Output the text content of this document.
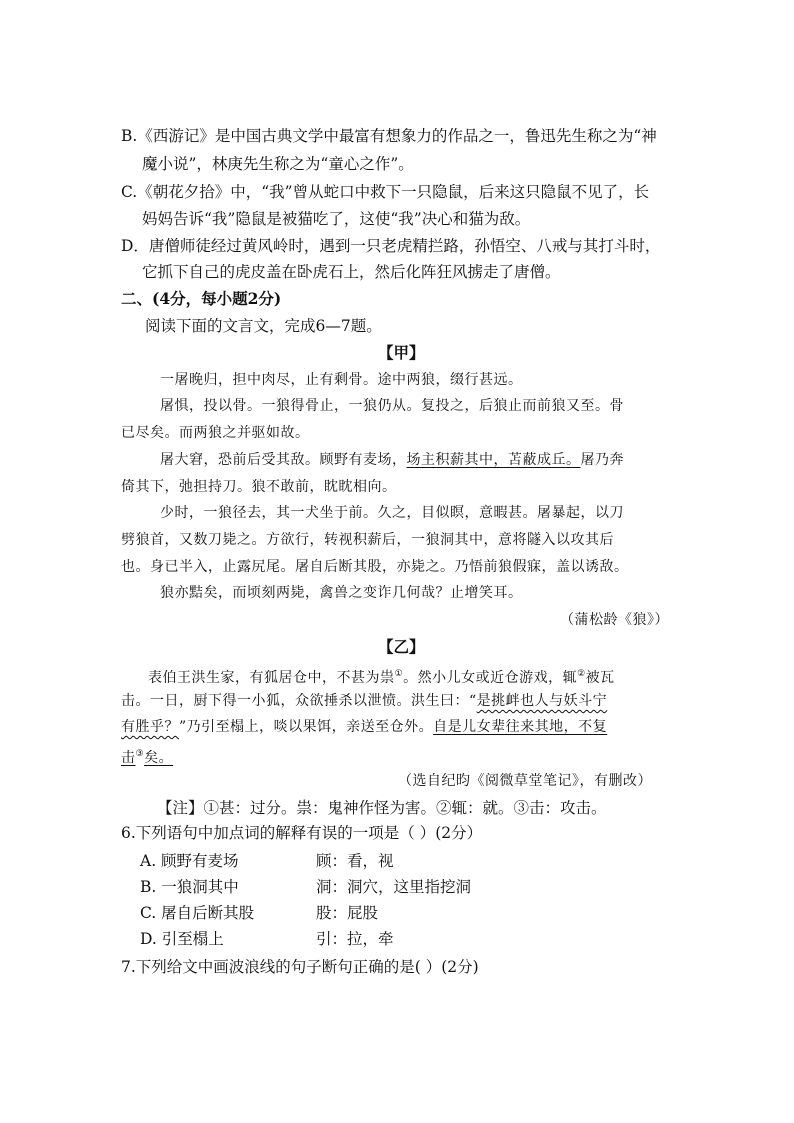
B.《西游记》是中国古典文学中最富有想象力的作品之一，鲁迅先生称之为“神
魔小说”，林庚先生称之为“童心之作”。
C.《朝花夕拾》中，“我”曾从蛇口中救下一只隐鼠，后来这只隐鼠不见了，长
妈妈告诉“我”隐鼠是被猫吃了，这使“我”决心和猫为敌。
D．唐僧师徒经过黄风岭时，遇到一只老虎精拦路，孙悟空、八戒与其打斗时，
它抓下自己的虎皮盖在卧虎石上，然后化阵狂风掳走了唐僧。
二、(4分，每小题2分)
阅读下面的文言文，完成6—7题。
【甲】
一屠晚归，担中肉尽，止有剩骨。途中两狼，缀行甚远。
屠惧，投以骨。一狼得骨止，一狼仍从。复投之，后狼止而前狼又至。骨
已尽矣。而两狼之并驱如故。
屠大窘，恐前后受其敌。顾野有麦场，场主积薪其中，苫蔽成丘。屠乃奔
倚其下，弛担持刀。狼不敢前，眈眈相向。
少时，一狼径去，其一犬坐于前。久之，目似瞑，意暇甚。屠暴起，以刀
劈狼首，又数刀毙之。方欲行，转视积薪后，一狼洞其中，意将隧入以攻其后
也。身已半入，止露尻尾。屠自后断其股，亦毙之。乃悟前狼假寐，盖以诱敌。
狼亦黠矣，而顷刻两毙，禽兽之变诈几何哉？止增笑耳。
（蒲松龄《狼》）
【乙】
表伯王洪生家，有狐居仓中，不甚为祟①。然小儿女或近仓游戏，辄②被瓦
击。一日，厨下得一小狐，众欲捶杀以泄愤。洪生曰：“是挑衅也人与妖斗宁
有胜乎？”乃引至榻上，啖以果饵，亲送至仓外。自是儿女辈往来其地，不复
击③矣。
（选自纪昀《阅微草堂笔记》，有删改）
【注】①甚：过分。祟：鬼神作怪为害。②辄：就。③击：攻击。
6.下列语句中加点词的解释有误的一项是（ ）(2分）
A. 顾野有麦场	顾：看，视
B. 一狼洞其中	洞：洞穴，这里指挖洞
C. 屠自后断其股	股：屁股
D. 引至榻上	引：拉，牵
7.下列给文中画波浪线的句子断句正确的是( ）(2分)
